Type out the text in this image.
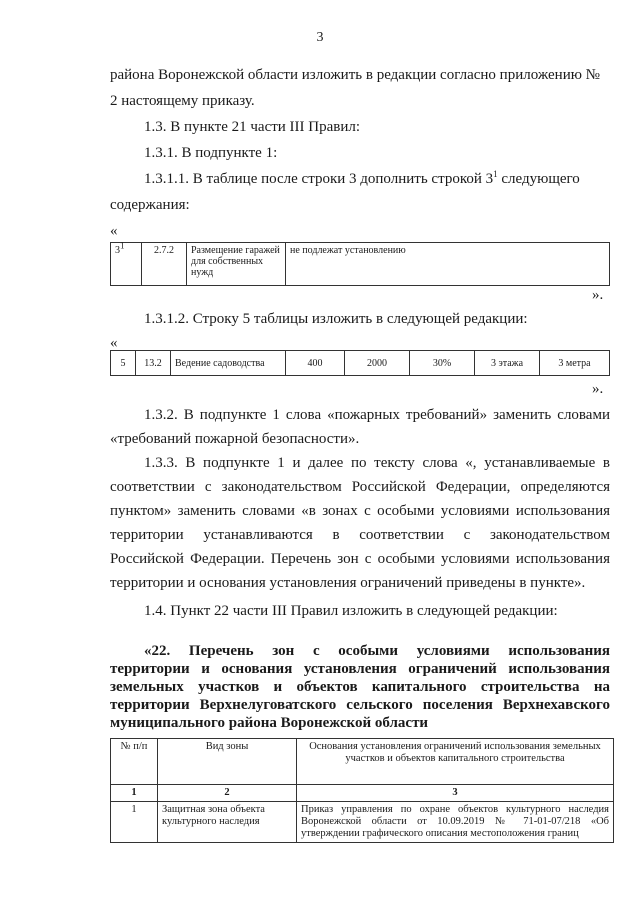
3
района Воронежской области изложить в редакции согласно приложению №
2 настоящему приказу.
1.3. В пункте 21 части III Правил:
1.3.1. В подпункте 1:
1.3.1.1. В таблице после строки 3 дополнить строкой $3^1$ следующего
содержания:
«
$3^1$	2.7.2	Размещение гаражей для собственных нужд	не подлежат установлению
».
1.3.1.2. Строку 5 таблицы изложить в следующей редакции:
«
5	13.2	Ведение садоводства	400	2000	30%	3 этажа	3 метра
».
1.3.2. В подпункте 1 слова «пожарных требований» заменить словами
«требований пожарной безопасности».
1.3.3. В подпункте 1 и далее по тексту слова «, устанавливаемые в
соответствии с законодательством Российской Федерации, определяются
пунктом» заменить словами «в зонах с особыми условиями использования
территории устанавливаются в соответствии с законодательством
Российской Федерации. Перечень зон с особыми условиями использования
территории и основания установления ограничений приведены в пункте».
1.4. Пункт 22 части III Правил изложить в следующей редакции:
«22. Перечень зон с особыми условиями использования
территории и основания установления ограничений использования
земельных участков и объектов капитального строительства на
территории Верхнелуговатского сельского поселения Верхнехавского
муниципального района Воронежской области
№ п/п	Вид зоны	Основания установления ограничений использования земельных участков и объектов капитального строительства
1	2	3
1	Защитная зона объекта культурного наследия	Приказ управления по охране объектов культурного наследия Воронежской области от 10.09.2019 № 71-01-07/218 «Об утверждении графического описания местоположения границ
